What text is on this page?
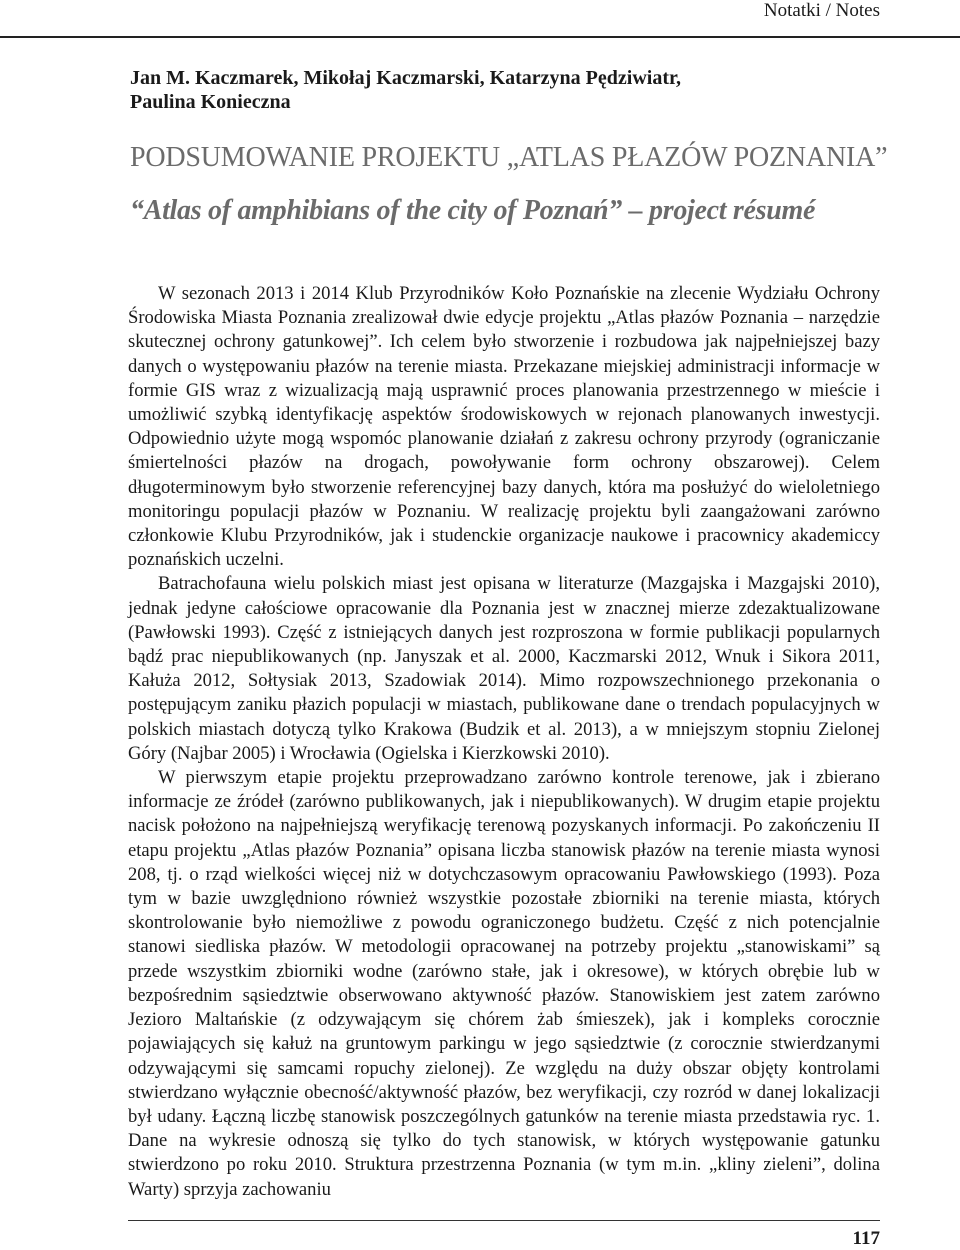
Notatki / Notes
Jan M. Kaczmarek, Mikołaj Kaczmarski, Katarzyna Pędziwiatr,
Paulina Konieczna
PODSUMOWANIE PROJEKTU „ATLAS PŁAZÓW POZNANIA”
“Atlas of amphibians of the city of Poznań” – project résumé

W sezonach 2013 i 2014 Klub Przyrodników Koło Poznańskie na zlecenie Wydziału Ochrony Środowiska Miasta Poznania zrealizował dwie edycje projektu „Atlas płazów Poznania – narzędzie skutecznej ochrony gatunkowej”. Ich celem było stworzenie i rozbudowa jak najpełniejszej bazy danych o występowaniu płazów na terenie miasta. Przekazane miejskiej administracji informacje w formie GIS wraz z wizualizacją mają usprawnić proces planowania przestrzennego w mieście i umożliwić szybką identyfikację aspektów środowiskowych w rejonach planowanych inwestycji. Odpowiednio użyte mogą wspomóc planowanie działań z zakresu ochrony przyrody (ograniczanie śmiertelności płazów na drogach, powoływanie form ochrony obszarowej). Celem długoterminowym było stworzenie referencyjnej bazy danych, która ma posłużyć do wieloletniego monitoringu populacji płazów w Poznaniu. W realizację projektu byli zaangażowani zarówno członkowie Klubu Przyrodników, jak i studenckie organizacje naukowe i pracownicy akademiccy poznańskich uczelni.

Batrachofauna wielu polskich miast jest opisana w literaturze (Mazgajska i Mazgajski 2010), jednak jedyne całościowe opracowanie dla Poznania jest w znacznej mierze zdezaktualizowane (Pawłowski 1993). Część z istniejących danych jest rozproszona w formie publikacji popularnych bądź prac niepublikowanych (np. Janyszak et al. 2000, Kaczmarski 2012, Wnuk i Sikora 2011, Kałuża 2012, Sołtysiak 2013, Szadowiak 2014). Mimo rozpowszechnionego przekonania o postępującym zaniku płazich populacji w miastach, publikowane dane o trendach populacyjnych w polskich miastach dotyczą tylko Krakowa (Budzik et al. 2013), a w mniejszym stopniu Zielonej Góry (Najbar 2005) i Wrocławia (Ogielska i Kierzkowski 2010).

W pierwszym etapie projektu przeprowadzano zarówno kontrole terenowe, jak i zbierano informacje ze źródeł (zarówno publikowanych, jak i niepublikowanych). W drugim etapie projektu nacisk położono na najpełniejszą weryfikację terenową pozyskanych informacji. Po zakończeniu II etapu projektu „Atlas płazów Poznania” opisana liczba stanowisk płazów na terenie miasta wynosi 208, tj. o rząd wielkości więcej niż w dotychczasowym opracowaniu Pawłowskiego (1993). Poza tym w bazie uwzględniono również wszystkie pozostałe zbiorniki na terenie miasta, których skontrolowanie było niemożliwe z powodu ograniczonego budżetu. Część z nich potencjalnie stanowi siedliska płazów. W metodologii opracowanej na potrzeby projektu „stanowiskami” są przede wszystkim zbiorniki wodne (zarówno stałe, jak i okresowe), w których obrębie lub w bezpośrednim sąsiedztwie obserwowano aktywność płazów. Stanowiskiem jest zatem zarówno Jezioro Maltańskie (z odzywającym się chórem żab śmieszek), jak i kompleks corocznie pojawiających się kałuż na gruntowym parkingu w jego sąsiedztwie (z corocznie stwierdzanymi odzywającymi się samcami ropuchy zielonej). Ze względu na duży obszar objęty kontrolami stwierdzano wyłącznie obecność/aktywność płazów, bez weryfikacji, czy rozród w danej lokalizacji był udany. Łączną liczbę stanowisk poszczególnych gatunków na terenie miasta przedstawia ryc. 1. Dane na wykresie odnoszą się tylko do tych stanowisk, w których występowanie gatunku stwierdzono po roku 2010. Struktura przestrzenna Poznania (w tym m.in. „kliny zieleni”, dolina Warty) sprzyja zachowaniu

117
